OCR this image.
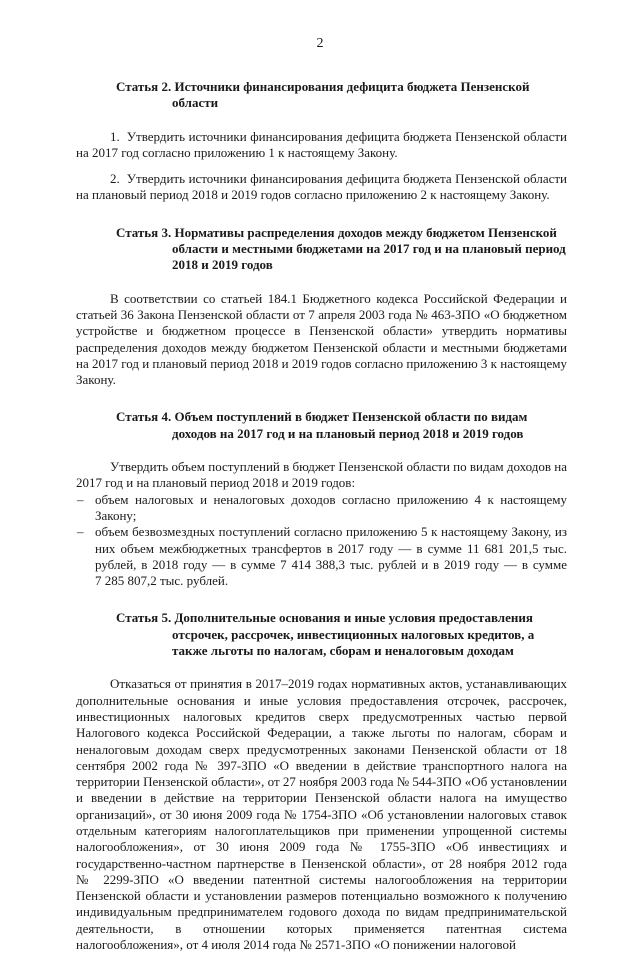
2

Статья 2. Источники финансирования дефицита бюджета Пензенской области

1.  Утвердить источники финансирования дефицита бюджета Пензенской области на 2017 год согласно приложению 1 к настоящему Закону.

2.  Утвердить источники финансирования дефицита бюджета Пензенской области на плановый период 2018 и 2019 годов согласно приложению 2 к настоящему Закону.

Статья 3. Нормативы распределения доходов между бюджетом Пензенской области и местными бюджетами на 2017 год и на плановый период 2018 и 2019 годов

В соответствии со статьей 184.1 Бюджетного кодекса Российской Федерации и статьей 36 Закона Пензенской области от 7 апреля 2003 года № 463-ЗПО «О бюджетном устройстве и бюджетном процессе в Пензенской области» утвердить нормативы распределения доходов между бюджетом Пензенской области и местными бюджетами на 2017 год и плановый период 2018 и 2019 годов согласно приложению 3 к настоящему Закону.

Статья 4. Объем поступлений в бюджет Пензенской области по видам доходов на 2017 год и на плановый период 2018 и 2019 годов

Утвердить объем поступлений в бюджет Пензенской области по видам доходов на 2017 год и на плановый период 2018 и 2019 годов:

– объем налоговых и неналоговых доходов согласно приложению 4 к настоящему Закону;
– объем безвозмездных поступлений согласно приложению 5 к настоящему Закону, из них объем межбюджетных трансфертов в 2017 году — в сумме 11 681 201,5 тыс. рублей, в 2018 году — в сумме 7 414 388,3 тыс. рублей и в 2019 году — в сумме 7 285 807,2 тыс. рублей.

Статья 5. Дополнительные основания и иные условия предоставления отсрочек, рассрочек, инвестиционных налоговых кредитов, а также льготы по налогам, сборам и неналоговым доходам

Отказаться от принятия в 2017–2019 годах нормативных актов, устанавливающих дополнительные основания и иные условия предоставления отсрочек, рассрочек, инвестиционных налоговых кредитов сверх предусмотренных частью первой Налогового кодекса Российской Федерации, а также льготы по налогам, сборам и неналоговым доходам сверх предусмотренных законами Пензенской области от 18 сентября 2002 года № 397-ЗПО «О введении в действие транспортного налога на территории Пензенской области», от 27 ноября 2003 года № 544-ЗПО «Об установлении и введении в действие на территории Пензенской области налога на имущество организаций», от 30 июня 2009 года № 1754-ЗПО «Об установлении налоговых ставок отдельным категориям налогоплательщиков при применении упрощенной системы налогообложения», от 30 июня 2009 года № 1755-ЗПО «Об инвестициях и государственно-частном партнерстве в Пензенской области», от 28 ноября 2012 года № 2299-ЗПО «О введении патентной системы налогообложения на территории Пензенской области и установлении размеров потенциально возможного к получению индивидуальным предпринимателем годового дохода по видам предпринимательской деятельности, в отношении которых применяется патентная система налогообложения», от 4 июля 2014 года № 2571-ЗПО «О понижении налоговой
